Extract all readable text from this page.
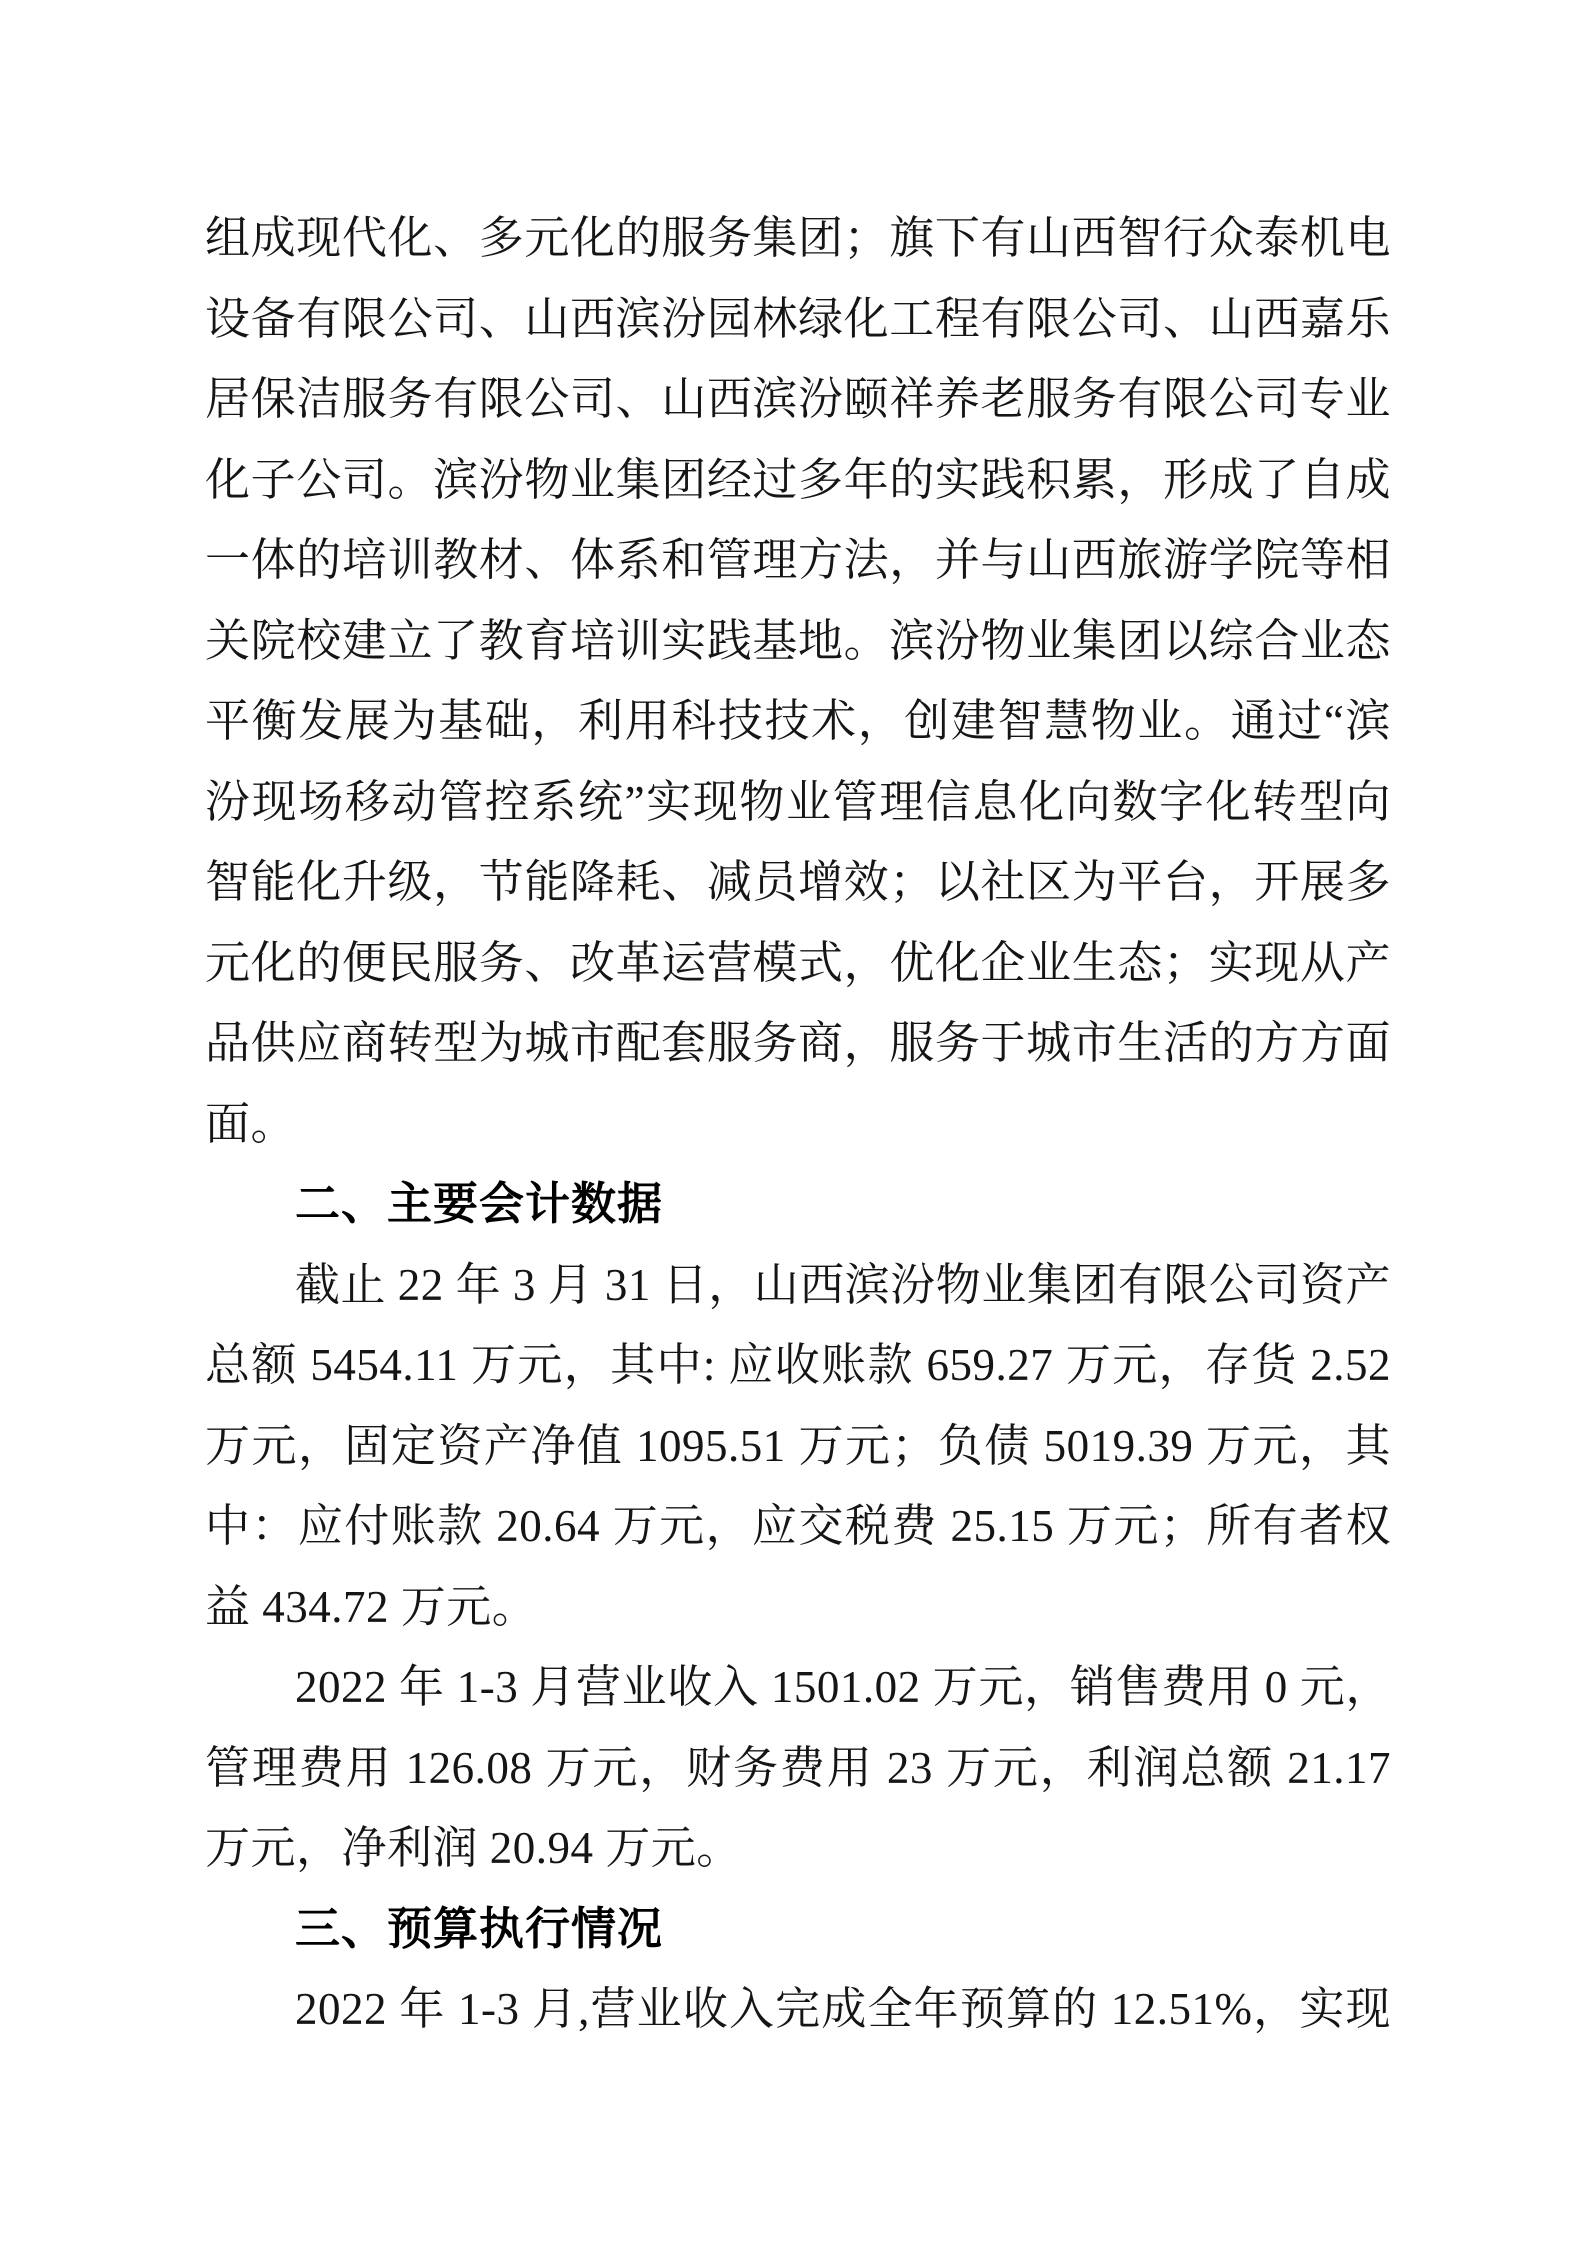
组成现代化、多元化的服务集团；旗下有山西智行众泰机电

设备有限公司、山西滨汾园林绿化工程有限公司、山西嘉乐

居保洁服务有限公司、山西滨汾颐祥养老服务有限公司专业

化子公司。滨汾物业集团经过多年的实践积累，形成了自成

一体的培训教材、体系和管理方法，并与山西旅游学院等相

关院校建立了教育培训实践基地。滨汾物业集团以综合业态

平衡发展为基础，利用科技技术，创建智慧物业。通过“滨

汾现场移动管控系统”实现物业管理信息化向数字化转型向

智能化升级，节能降耗、减员增效；以社区为平台，开展多

元化的便民服务、改革运营模式，优化企业生态；实现从产

品供应商转型为城市配套服务商，服务于城市生活的方方面

面。

二、主要会计数据

截止 22 年 3 月 31 日，山西滨汾物业集团有限公司资产

总额 5454.11 万元，其中: 应收账款 659.27 万元，存货 2.52

万元，固定资产净值 1095.51 万元；负债 5019.39 万元，其

中：应付账款 20.64 万元，应交税费 25.15 万元；所有者权

益 434.72 万元。

2022 年 1-3 月营业收入 1501.02 万元，销售费用 0 元，

管理费用 126.08 万元，财务费用 23 万元，利润总额 21.17

万元，净利润 20.94 万元。

三、预算执行情况

2022 年 1-3 月,营业收入完成全年预算的 12.51%，实现
